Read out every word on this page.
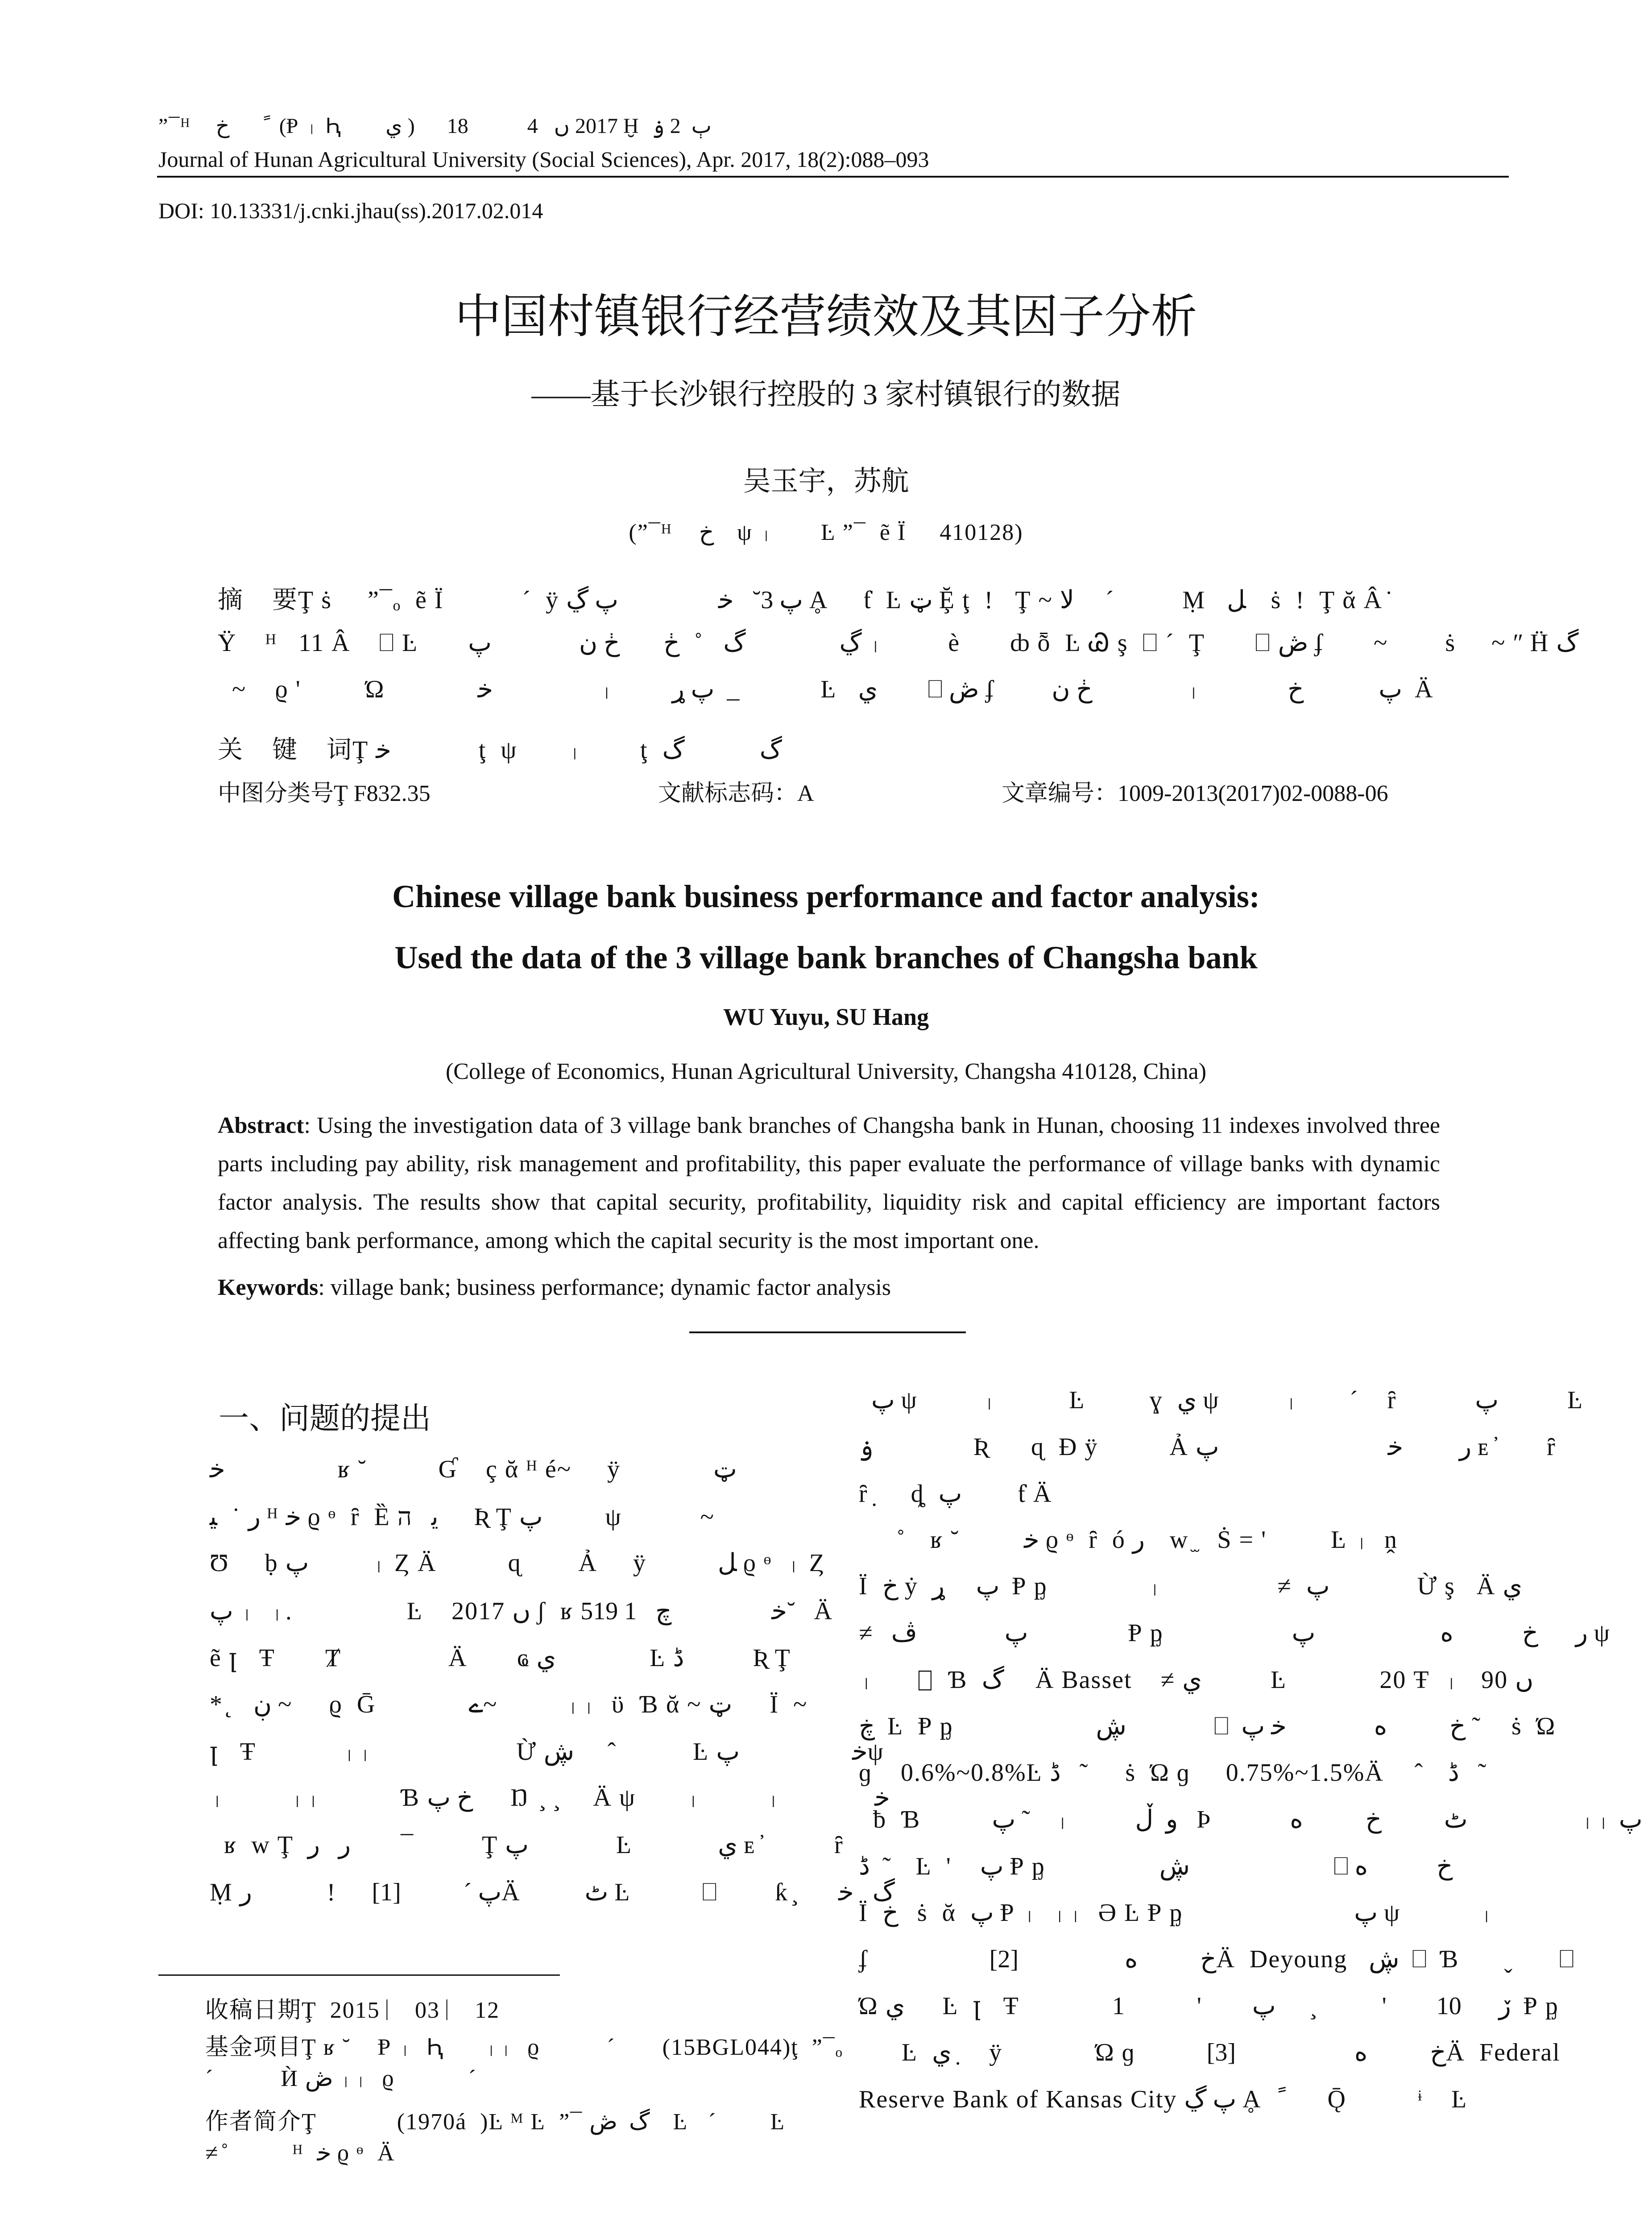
”¯ᴴ    خ       ً  (Ᵽ ᛧ Ԧ       ي )      2017 ں   4           18 Ḫ  ٻ  2 ۏ
Journal of Hunan Agricultural University (Social Sciences), Apr. 2017, 18(2):088–093
DOI: 10.13331/j.cnki.jhau(ss).2017.02.014
中国村镇银行经营绩效及其因子分析
——基于长沙银行控股的 3 家村镇银行的数据
吴玉宇，苏航
(”¯ᴴ    خ    ψ ᛧ       Ŀ ”¯  ẽ Ϊ     410128)
摘    要Ţ ṡ     ”¯ₒ  ẽ Ϊ           ´  ÿ پ 3˘   ﺧ                پ ڲ Ḁ     ƭ  Ŀ ټ Ḝ ţ  ǃ   Ţ ~ ﻻ     ´           Ṃ   ﻞ    ṡ  ǃ  Ţ ᾰ Â ̇
Ÿ    ᴴ   11 Â    ⎕ Ŀ       ڲ               گ    ̊   ڂ       ڂ ﻥ              پ ᛧ         è       ȸ ȭ  Ŀ Ꮚ ş  ⎕ ´  Ţ       ⎕ ڞ ʄ       ~        ṡ     ~ ʺ Ḧ گ
~    ϱ '         Ώ             ﺧ                 ᛧ        پ ړ  _             Ŀ   ي        ⎕ ڞ ʄ        ڂ ﻥ               ᛧ            پ            خ  Ä
关    键    词Ţ ﺧ              ţ  ψ       ᛧ        ţ  گ            گ
中图分类号Ţ F832.35	文献标志码：A	文章编号：1009-2013(2017)02-0088-06
Chinese village bank business performance and factor analysis:
Used the data of the 3 village bank branches of Changsha bank
WU Yuyu, SU Hang
(College of Economics, Hunan Agricultural University, Changsha 410128, China)
Abstract: Using the investigation data of 3 village bank branches of Changsha bank in Hunan, choosing 11 indexes involved three parts including pay ability, risk management and profitability, this paper evaluate the performance of village banks with dynamic factor analysis. The results show that capital security, profitability, liquidity risk and capital efficiency are important factors affecting bank performance, among which the capital security is the most important one.
Keywords: village bank; business performance; dynamic factor analysis
一、问题的提出
ﺧ                  ʁ ˘          Ɠ    ç ᾰ ᴴ é~     ÿ             ټ
ﺭ  ̇   ﻴ ᴴ ﺧ ϱ ᶱ  ȓ  Ȅ ﯾ   ה     Ʀ Ţ پ          ψ           ~
Ʊ     ḅ پ          ᛧ Ȥ Ä          ɋ        Ả     ÿ          ﻞ ϱ ᶱ  ᛧ Ȥ
پ ᛧ  ᛧ.                Ŀ    2017 ں ʃ  ʁ ﺧ                چ   1 519˘   Ä
ẽ ꞁ   Ŧ       Ⱦ               Ä       ҩ ي               Ŀ ڈ           Ʀ Ţ
*  ̨   ڹ ~      ϱ  Ḡ             ے~           ᛧᛧ  ϋ  Ɓ ᾰ ~ ټ      Ї  ~
ꞁ   Ŧ            ᛧᛧ                    Ừ ڜ       ̂            Ŀ ﺧ                  پψ
ᛧ         ᛧᛧ           Ɓ خ پ      Ŋ  ̧  ̧     Ä ψ       ᛧ         ᛧ             ﺧ
ʁ  ᴡ Ţ  ﺭ   ﺭ        ¯           Ţ پ              Ŀ            ي ᴇ ̓          ȓ
Ṃ ﺭ            ǃ     پ ´          [1]Ä         ٹ Ŀ          ⎕        ƙ ̧      گ   ﺧ
پ ψ         ᛧ          Ŀ         ɣ  ي ψ         ᛧ       ´    ȓ           پ           Ŀ
ۏ                Ʀ      ɋ  Ð ÿ          Ả ﺭ         ﺧ                           پ ᴇ ̓       ȓ
ȓ ̣     ȡ  پ         ƭ Ä
̊    ʁ ˘         ﺧ ϱ ᶱ  ȓ  ó ﺭ    ᴡ ̫   Ṡ = '         Ŀ ᛧ  ṋ
Ϊ  خ ẏ  پ     ړ  Ᵽ ᶈ              ᛧ                ≠  پ              Ừ ş   Ä ي
≠   پ              ڤ                Ᵽ ᶈ                  ﺭ      خ           ﻩ                    پ ψ
ᛧ      ⎕  Ɓ  گ     Ä Basset    ≠ ي           Ŀ             20 Ŧ  ᛧ   90 ں
ڿ  Ŀ  Ᵽ ᶈ                    ڜ              ⎕  خ          ﻩ              ﺧ پ ˜     ṡ  Ώ
ɡ    0.6%~0.8%Ŀ ڈ   ˜      ṡ  Ώ ɡ     0.75%~1.5%Ä     ̂    ڈ   ˜
ƀ  Ɓ          پ ˜    ᛧ         و  ڵ   Ϸ           ٹ          خ          ﻩ                  ᛧᛧ پ
ڈ  ˜    Ŀ  '    پ Ᵽ ᶈ                ڜ                       ⎕ خ           ﻩ
Ї  خ   ṡ  ᾰ  پ Ᵽ ᛧ  ᛧᛧ  Ə Ŀ Ᵽ ᶈ                        پ ψ           ᛧ
ʄ                 خ          ﻩ                 [2]Ä  Deyoung   ڜ  ⎕  Ɓ       ̬       ⎕
Ώ ي      Ŀ  ꞁ   Ŧ             1          '       ڒ      10        '           ̧      پ  Ᵽ ᶈ
Ŀ  ي  ̣    ÿ             Ώ ɡ          خ          ﻩ                   [3]Ä  Federal
Reserve Bank of Kansas City پ ڲ Ḁ   ً       Ǭ          ᶤ    Ŀ
收稿日期Ţ  2015ᛁ   03ᛁ   12
基金项目Ţ ʁ ˘    Ᵽ ᛧ  Ԧ      ᛧᛧ  ϱ          ´       (15BGL044)ţ  ”¯ₒ
´          Ѝ ڞ ᛧᛧ  ϱ           ´
作者简介Ţ            (1970á  )Ŀ ᴹ Ŀ  ”¯ گ  ڞ    Ŀ   ´        Ŀ
≠ ̊          ᴴ  ﺧ ϱ ᶱ  Ä
